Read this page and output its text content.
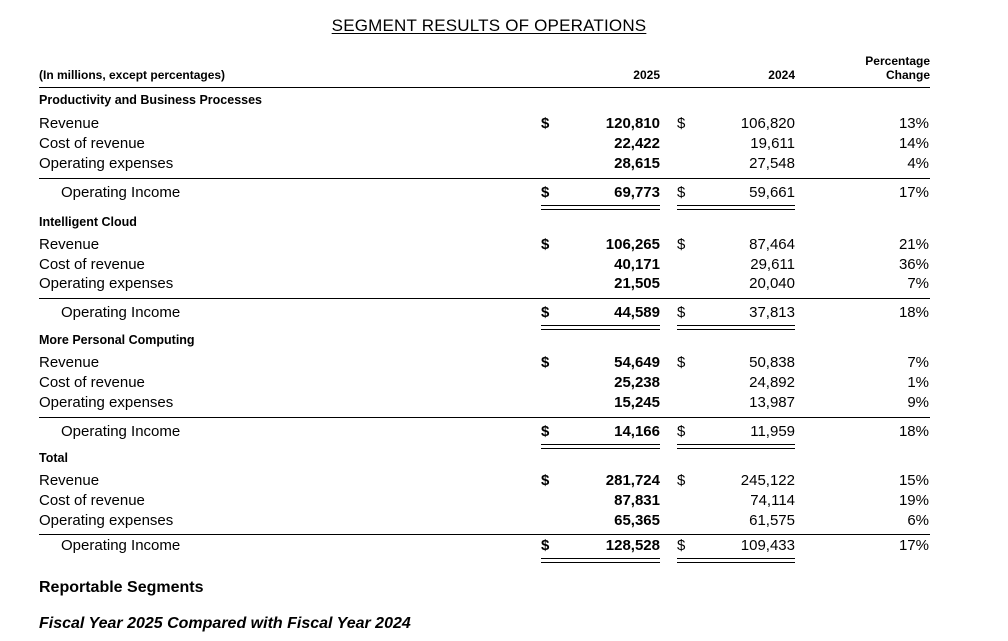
SEGMENT RESULTS OF OPERATIONS
(In millions, except percentages)	2025	2024
Percentage
Change
Productivity and Business Processes
Revenue	$	120,810 $	106,820	13%
Cost of revenue	22,422	19,611	14%
Operating expenses	28,615	27,548	4%
Operating Income	$	69,773 $	59,661	17%
Intelligent Cloud
Revenue	$	106,265 $	87,464	21%
Cost of revenue	40,171	29,611	36%
Operating expenses	21,505	20,040	7%
Operating Income	$	44,589 $	37,813	18%
More Personal Computing
Revenue	$	54,649 $	50,838	7%
Cost of revenue	25,238	24,892	1%
Operating expenses	15,245	13,987	9%
Operating Income	$	14,166 $	11,959	18%
Total
Revenue	$	281,724 $	245,122	15%
Cost of revenue	87,831	74,114	19%
Operating expenses	65,365	61,575	6%
Operating Income	$	128,528 $	109,433	17%
Reportable Segments
Fiscal Year 2025 Compared with Fiscal Year 2024
